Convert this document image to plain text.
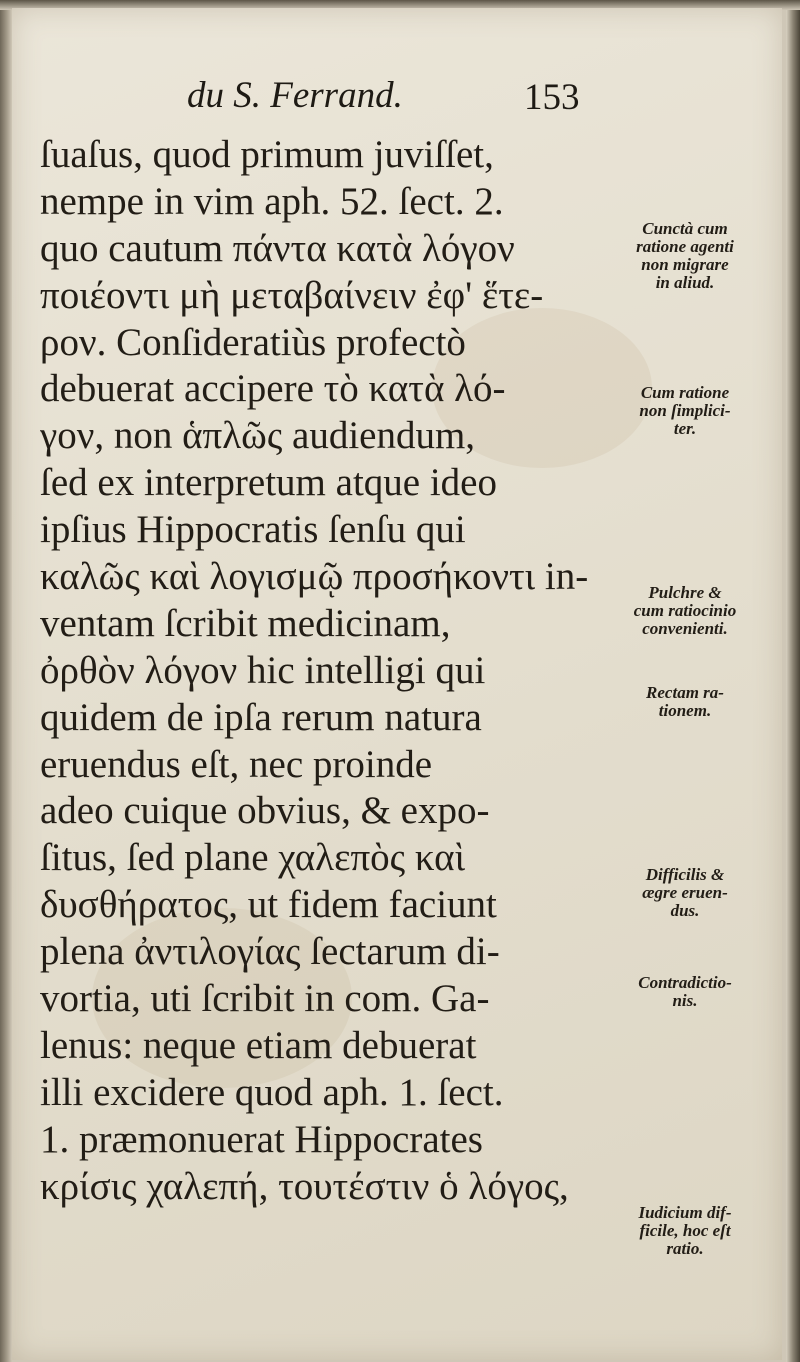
du S. Ferrand.	153
ſuaſus, quod primum juviſſet,
nempe in vim aph. 52. ſect. 2.
quo cautum πάντα κατὰ λόγον
ποιέοντι μὴ μεταβαίνειν ἐφ' ἕτε-
ρον. Conſideratiùs profectò
debuerat accipere τὸ κατὰ λό-
γον, non ἁπλῶς audiendum,
ſed ex interpretum atque ideo
ipſius Hippocratis ſenſu qui
καλῶς καὶ λογισμῷ προσήκοντι in-
ventam ſcribit medicinam,
ὀρθὸν λόγον hic intelligi qui
quidem de ipſa rerum natura
eruendus eſt, nec proinde
adeo cuique obvius, & expo-
ſitus, ſed plane χαλεπὸς καὶ
δυσθήρατος, ut fidem faciunt
plena ἀντιλογίας ſectarum di-
vortia, uti ſcribit in com. Ga-
lenus: neque etiam debuerat
illi excidere quod aph. 1. ſect.
1. præmonuerat Hippocrates
κρίσις χαλεπή, τουτέστιν ὁ λόγος,
Cunctà cum
ratione agenti
non migrare
in aliud.
Cum ratione
non ſimplici-
ter.
Pulchre &
cum ratiocinio
convenienti.
Rectam ra-
tionem.
Difficilis &
ægre eruen-
dus.
Contradictio-
nis.
Iudicium dif-
ficile, hoc eſt
ratio.
